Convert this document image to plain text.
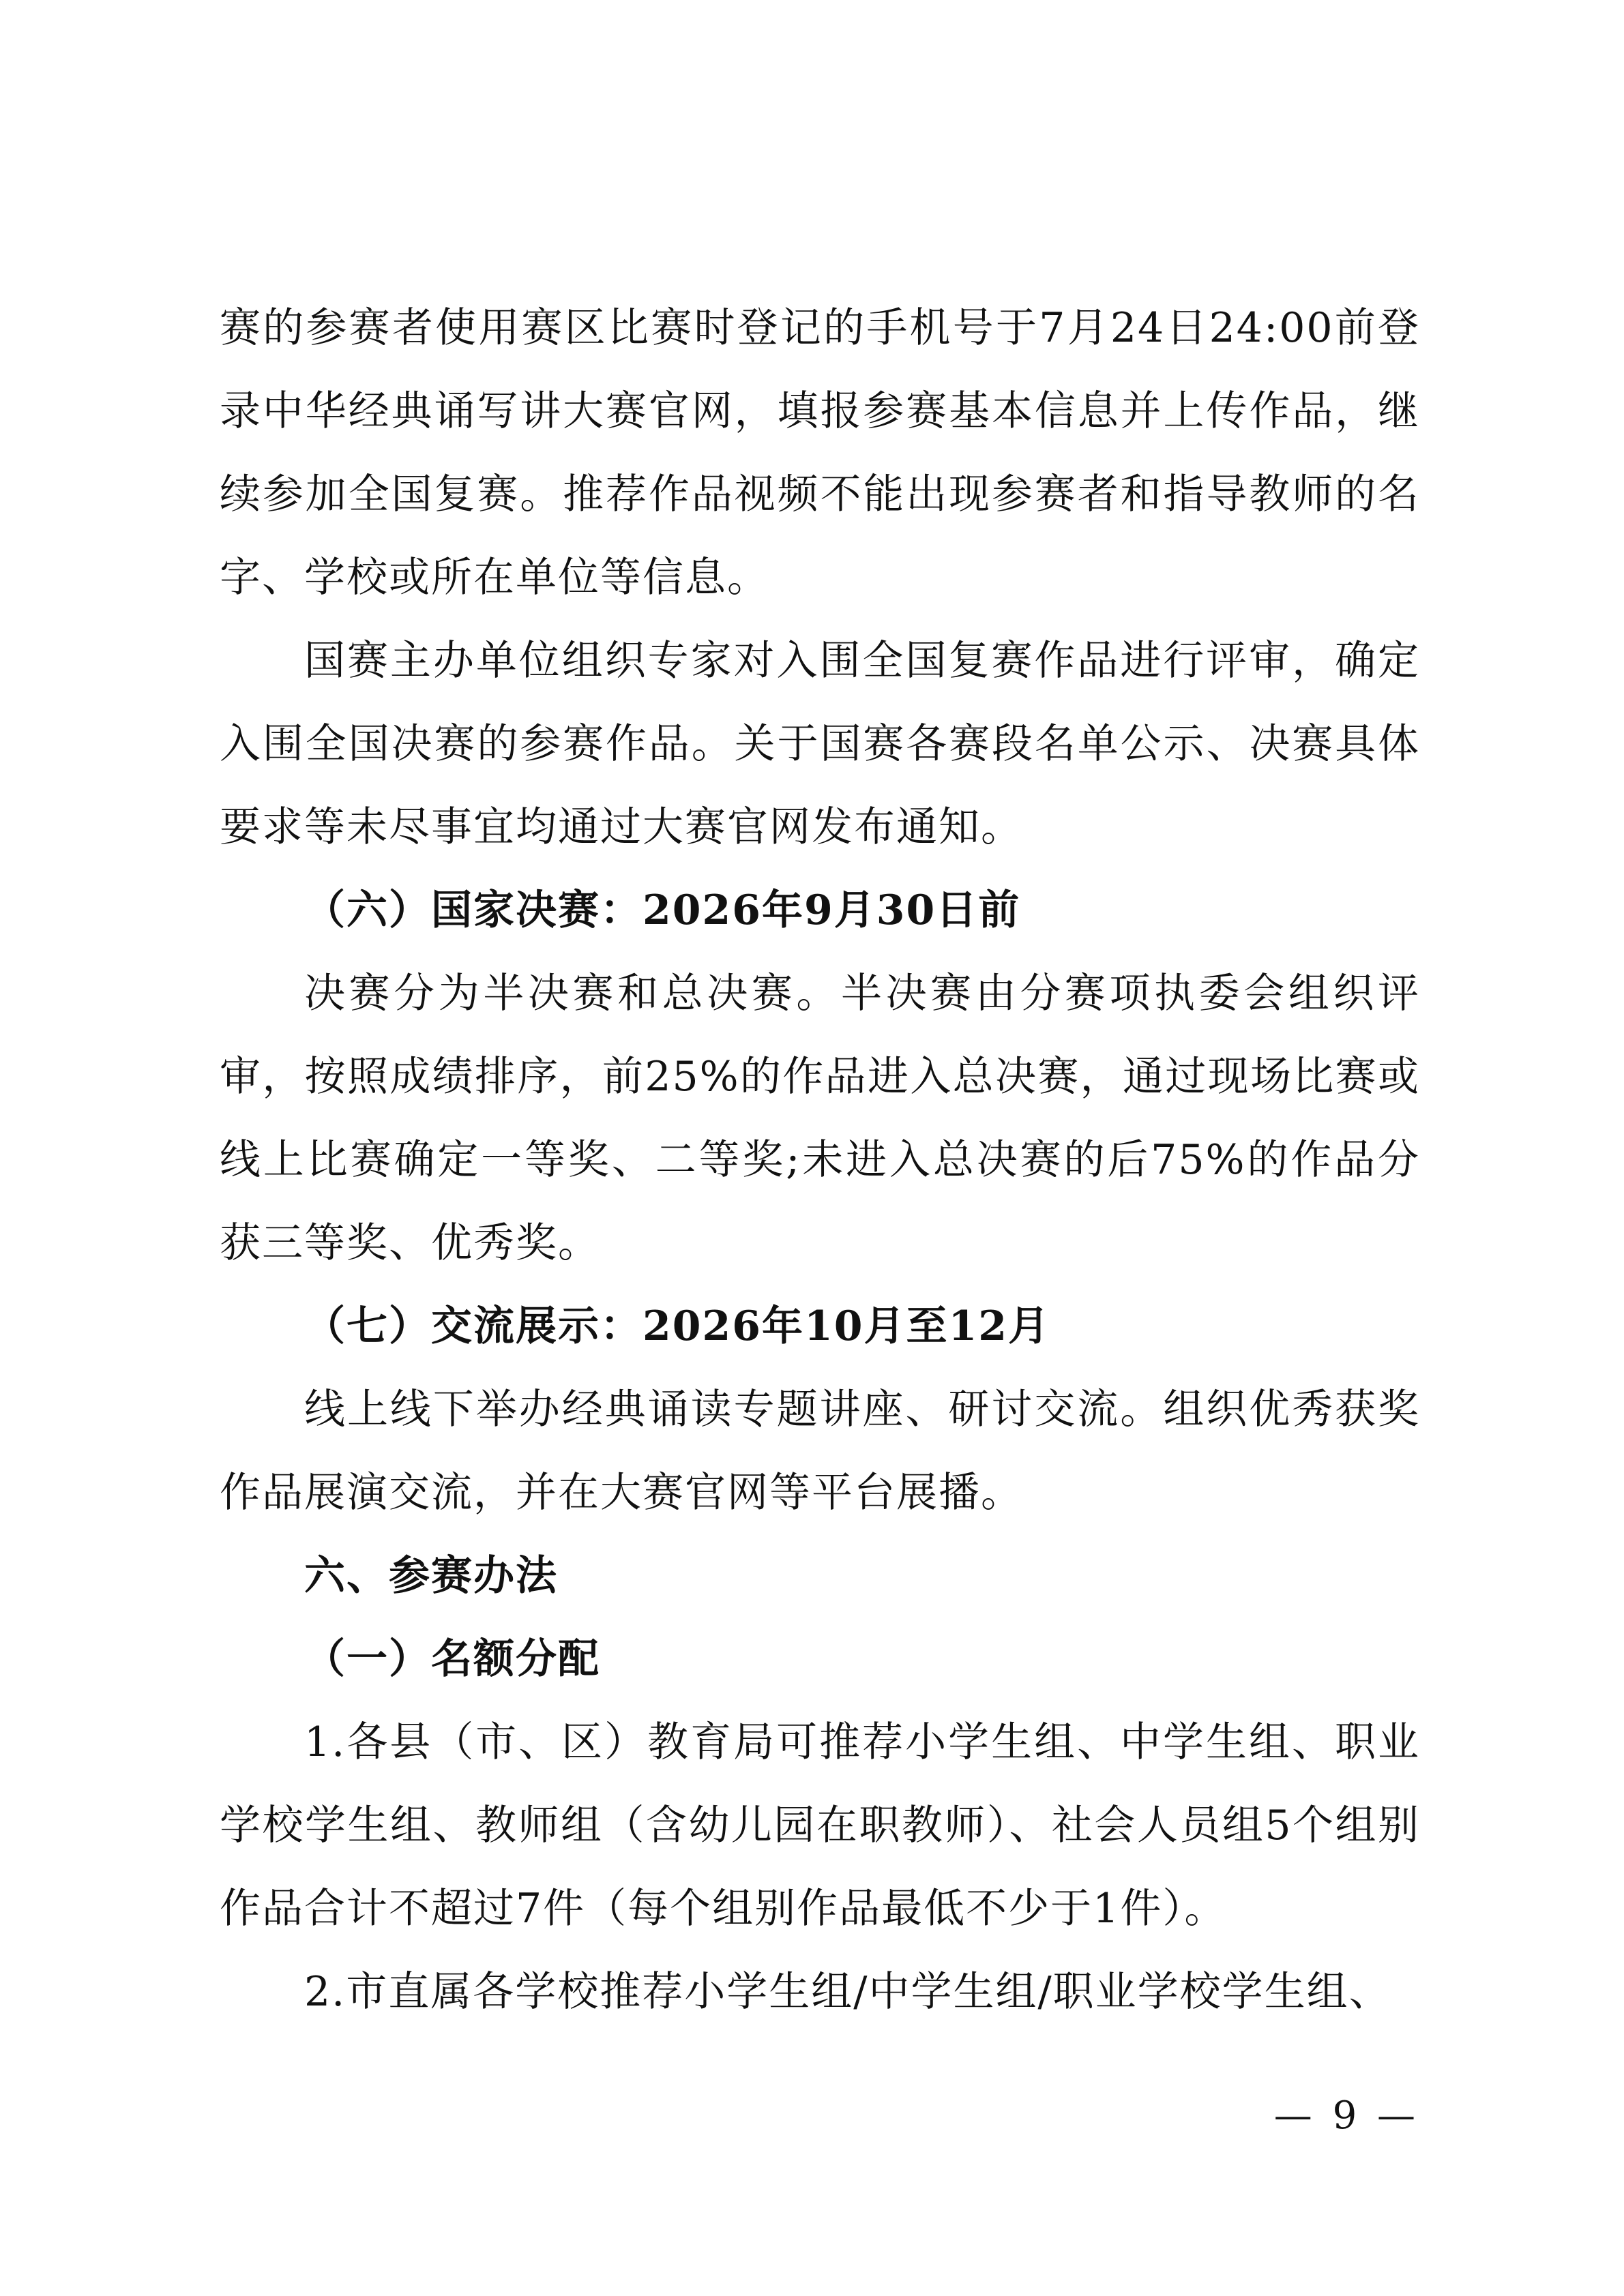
赛的参赛者使用赛区比赛时登记的手机号于7月24日24:00前登录中华经典诵写讲大赛官网，填报参赛基本信息并上传作品，继续参加全国复赛。推荐作品视频不能出现参赛者和指导教师的名字、学校或所在单位等信息。

国赛主办单位组织专家对入围全国复赛作品进行评审，确定入围全国决赛的参赛作品。关于国赛各赛段名单公示、决赛具体要求等未尽事宜均通过大赛官网发布通知。

（六）国家决赛：2026年9月30日前

决赛分为半决赛和总决赛。半决赛由分赛项执委会组织评审，按照成绩排序，前25%的作品进入总决赛，通过现场比赛或线上比赛确定一等奖、二等奖;未进入总决赛的后75%的作品分获三等奖、优秀奖。

（七）交流展示：2026年10月至12月

线上线下举办经典诵读专题讲座、研讨交流。组织优秀获奖作品展演交流，并在大赛官网等平台展播。

六、参赛办法

（一）名额分配

1.各县（市、区）教育局可推荐小学生组、中学生组、职业学校学生组、教师组（含幼儿园在职教师）、社会人员组5个组别作品合计不超过7件（每个组别作品最低不少于1件）。

2.市直属各学校推荐小学生组/中学生组/职业学校学生组、

— 9 —
